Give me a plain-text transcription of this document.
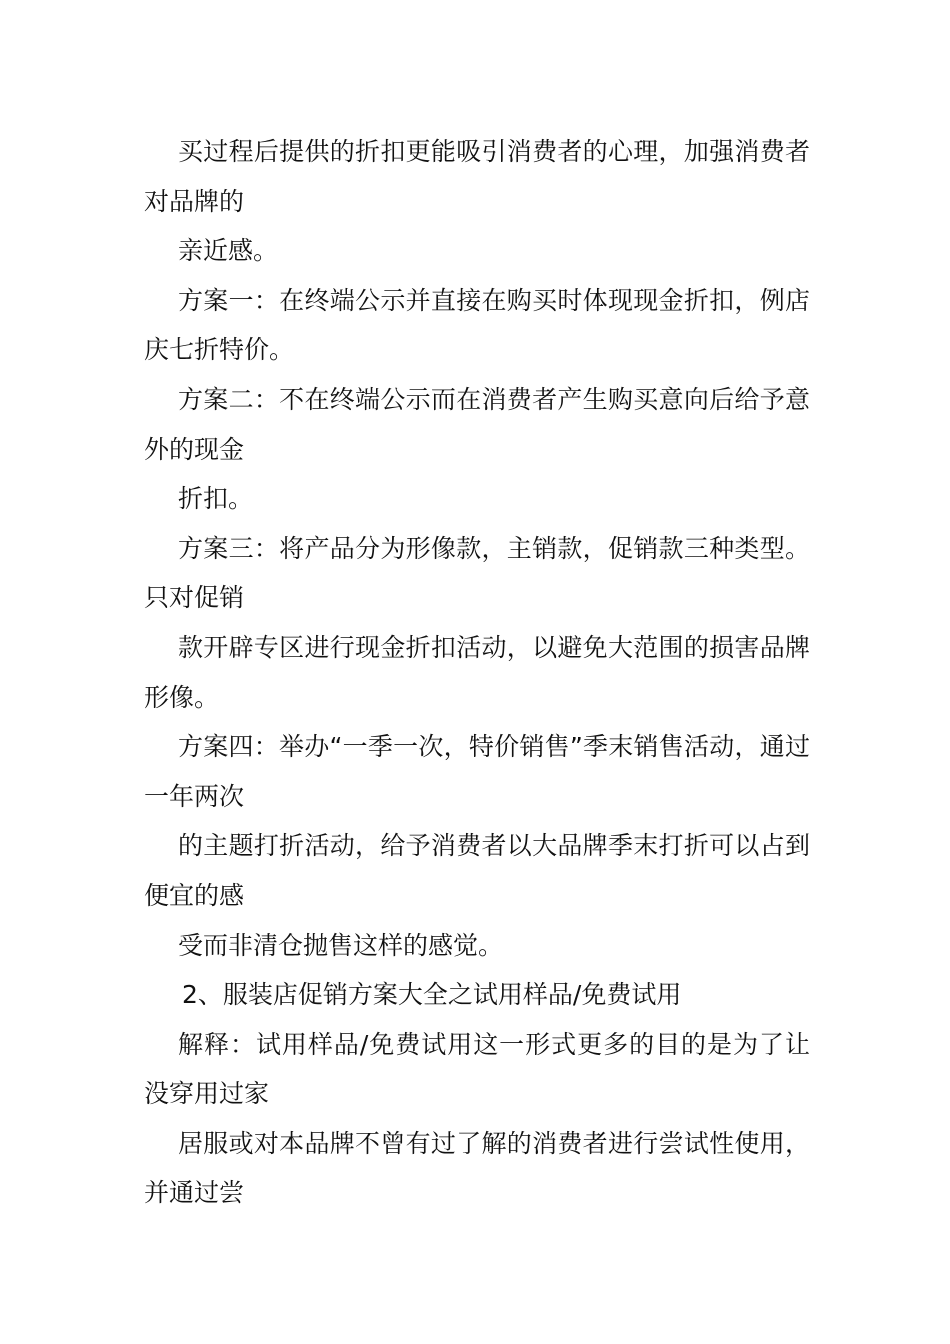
买过程后提供的折扣更能吸引消费者的心理，加强消费者对品牌的

亲近感。

方案一：在终端公示并直接在购买时体现现金折扣，例店庆七折特价。

方案二：不在终端公示而在消费者产生购买意向后给予意外的现金

折扣。

方案三：将产品分为形像款，主销款，促销款三种类型。只对促销

款开辟专区进行现金折扣活动，以避免大范围的损害品牌形像。

方案四：举办“一季一次，特价销售”季末销售活动，通过一年两次

的主题打折活动，给予消费者以大品牌季末打折可以占到便宜的感

受而非清仓抛售这样的感觉。

2、服装店促销方案大全之试用样品/免费试用

解释：试用样品/免费试用这一形式更多的目的是为了让没穿用过家

居服或对本品牌不曾有过了解的消费者进行尝试性使用，并通过尝
